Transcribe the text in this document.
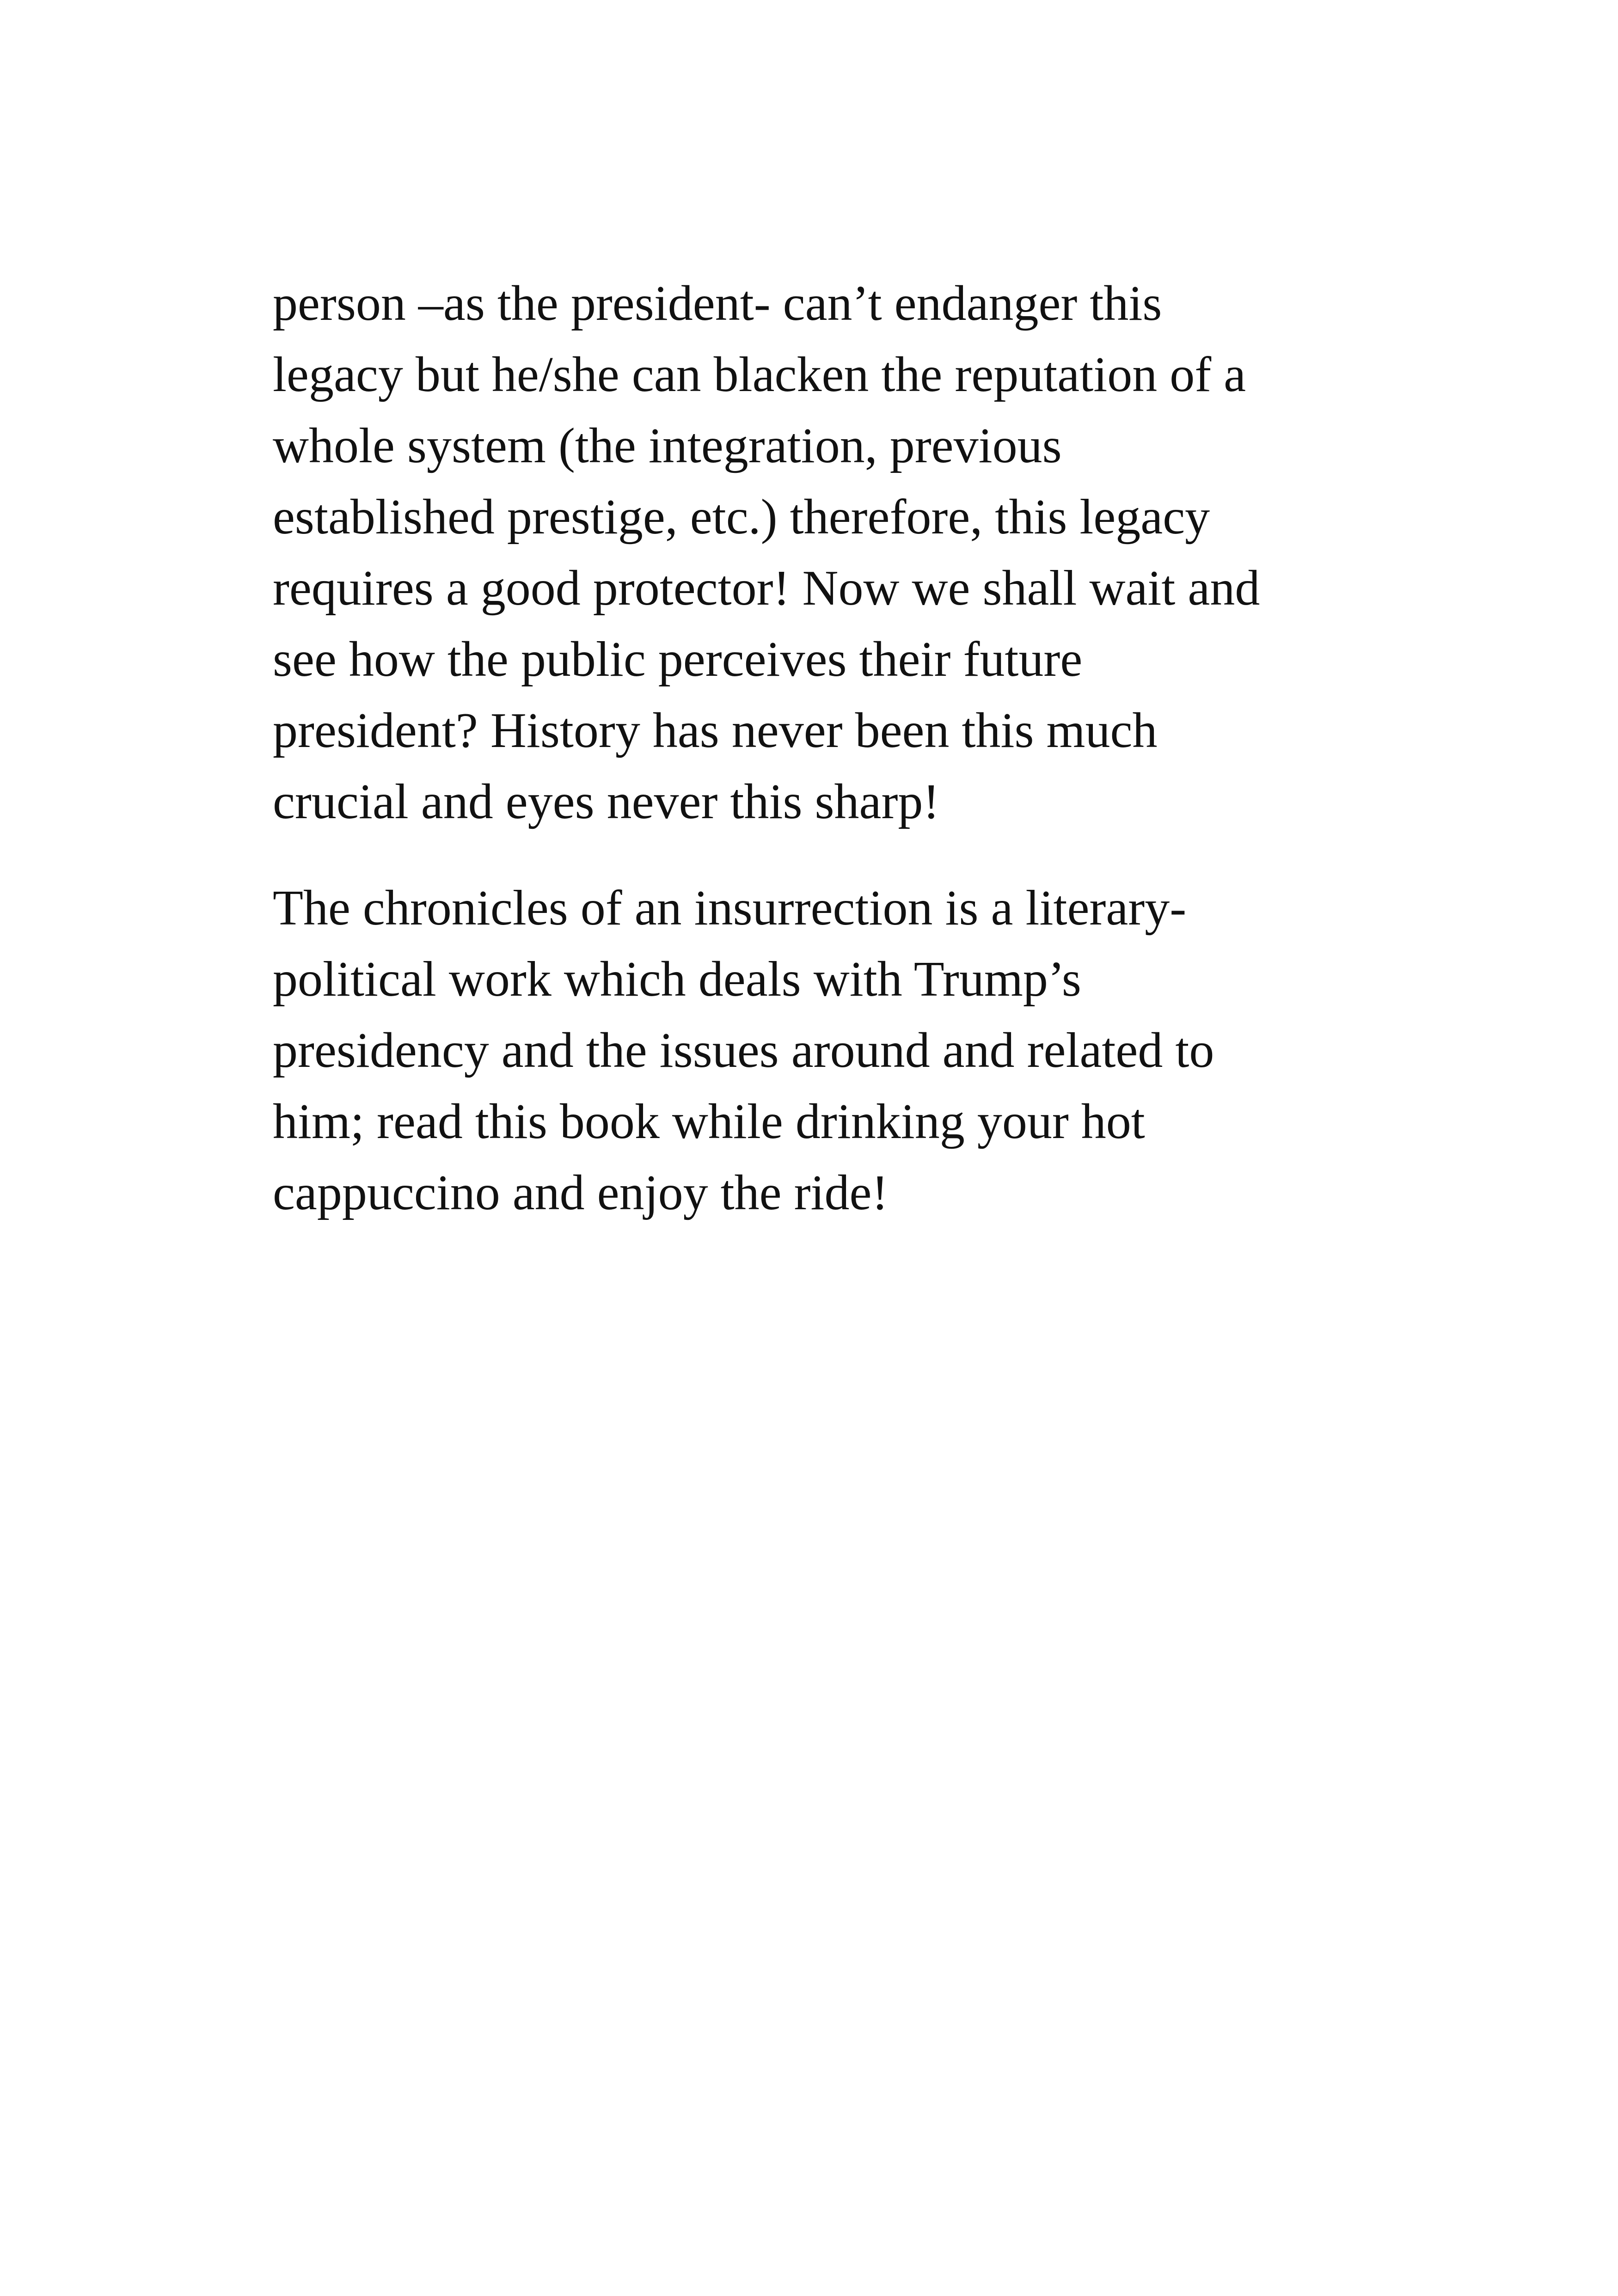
person –as the president- can’t endanger this
legacy but he/she can blacken the reputation of a
whole system (the integration, previous
established prestige, etc.) therefore, this legacy
requires a good protector! Now we shall wait and
see how the public perceives their future
president? History has never been this much
crucial and eyes never this sharp!
The chronicles of an insurrection is a literary-
political work which deals with Trump’s
presidency and the issues around and related to
him; read this book while drinking your hot
cappuccino and enjoy the ride!
